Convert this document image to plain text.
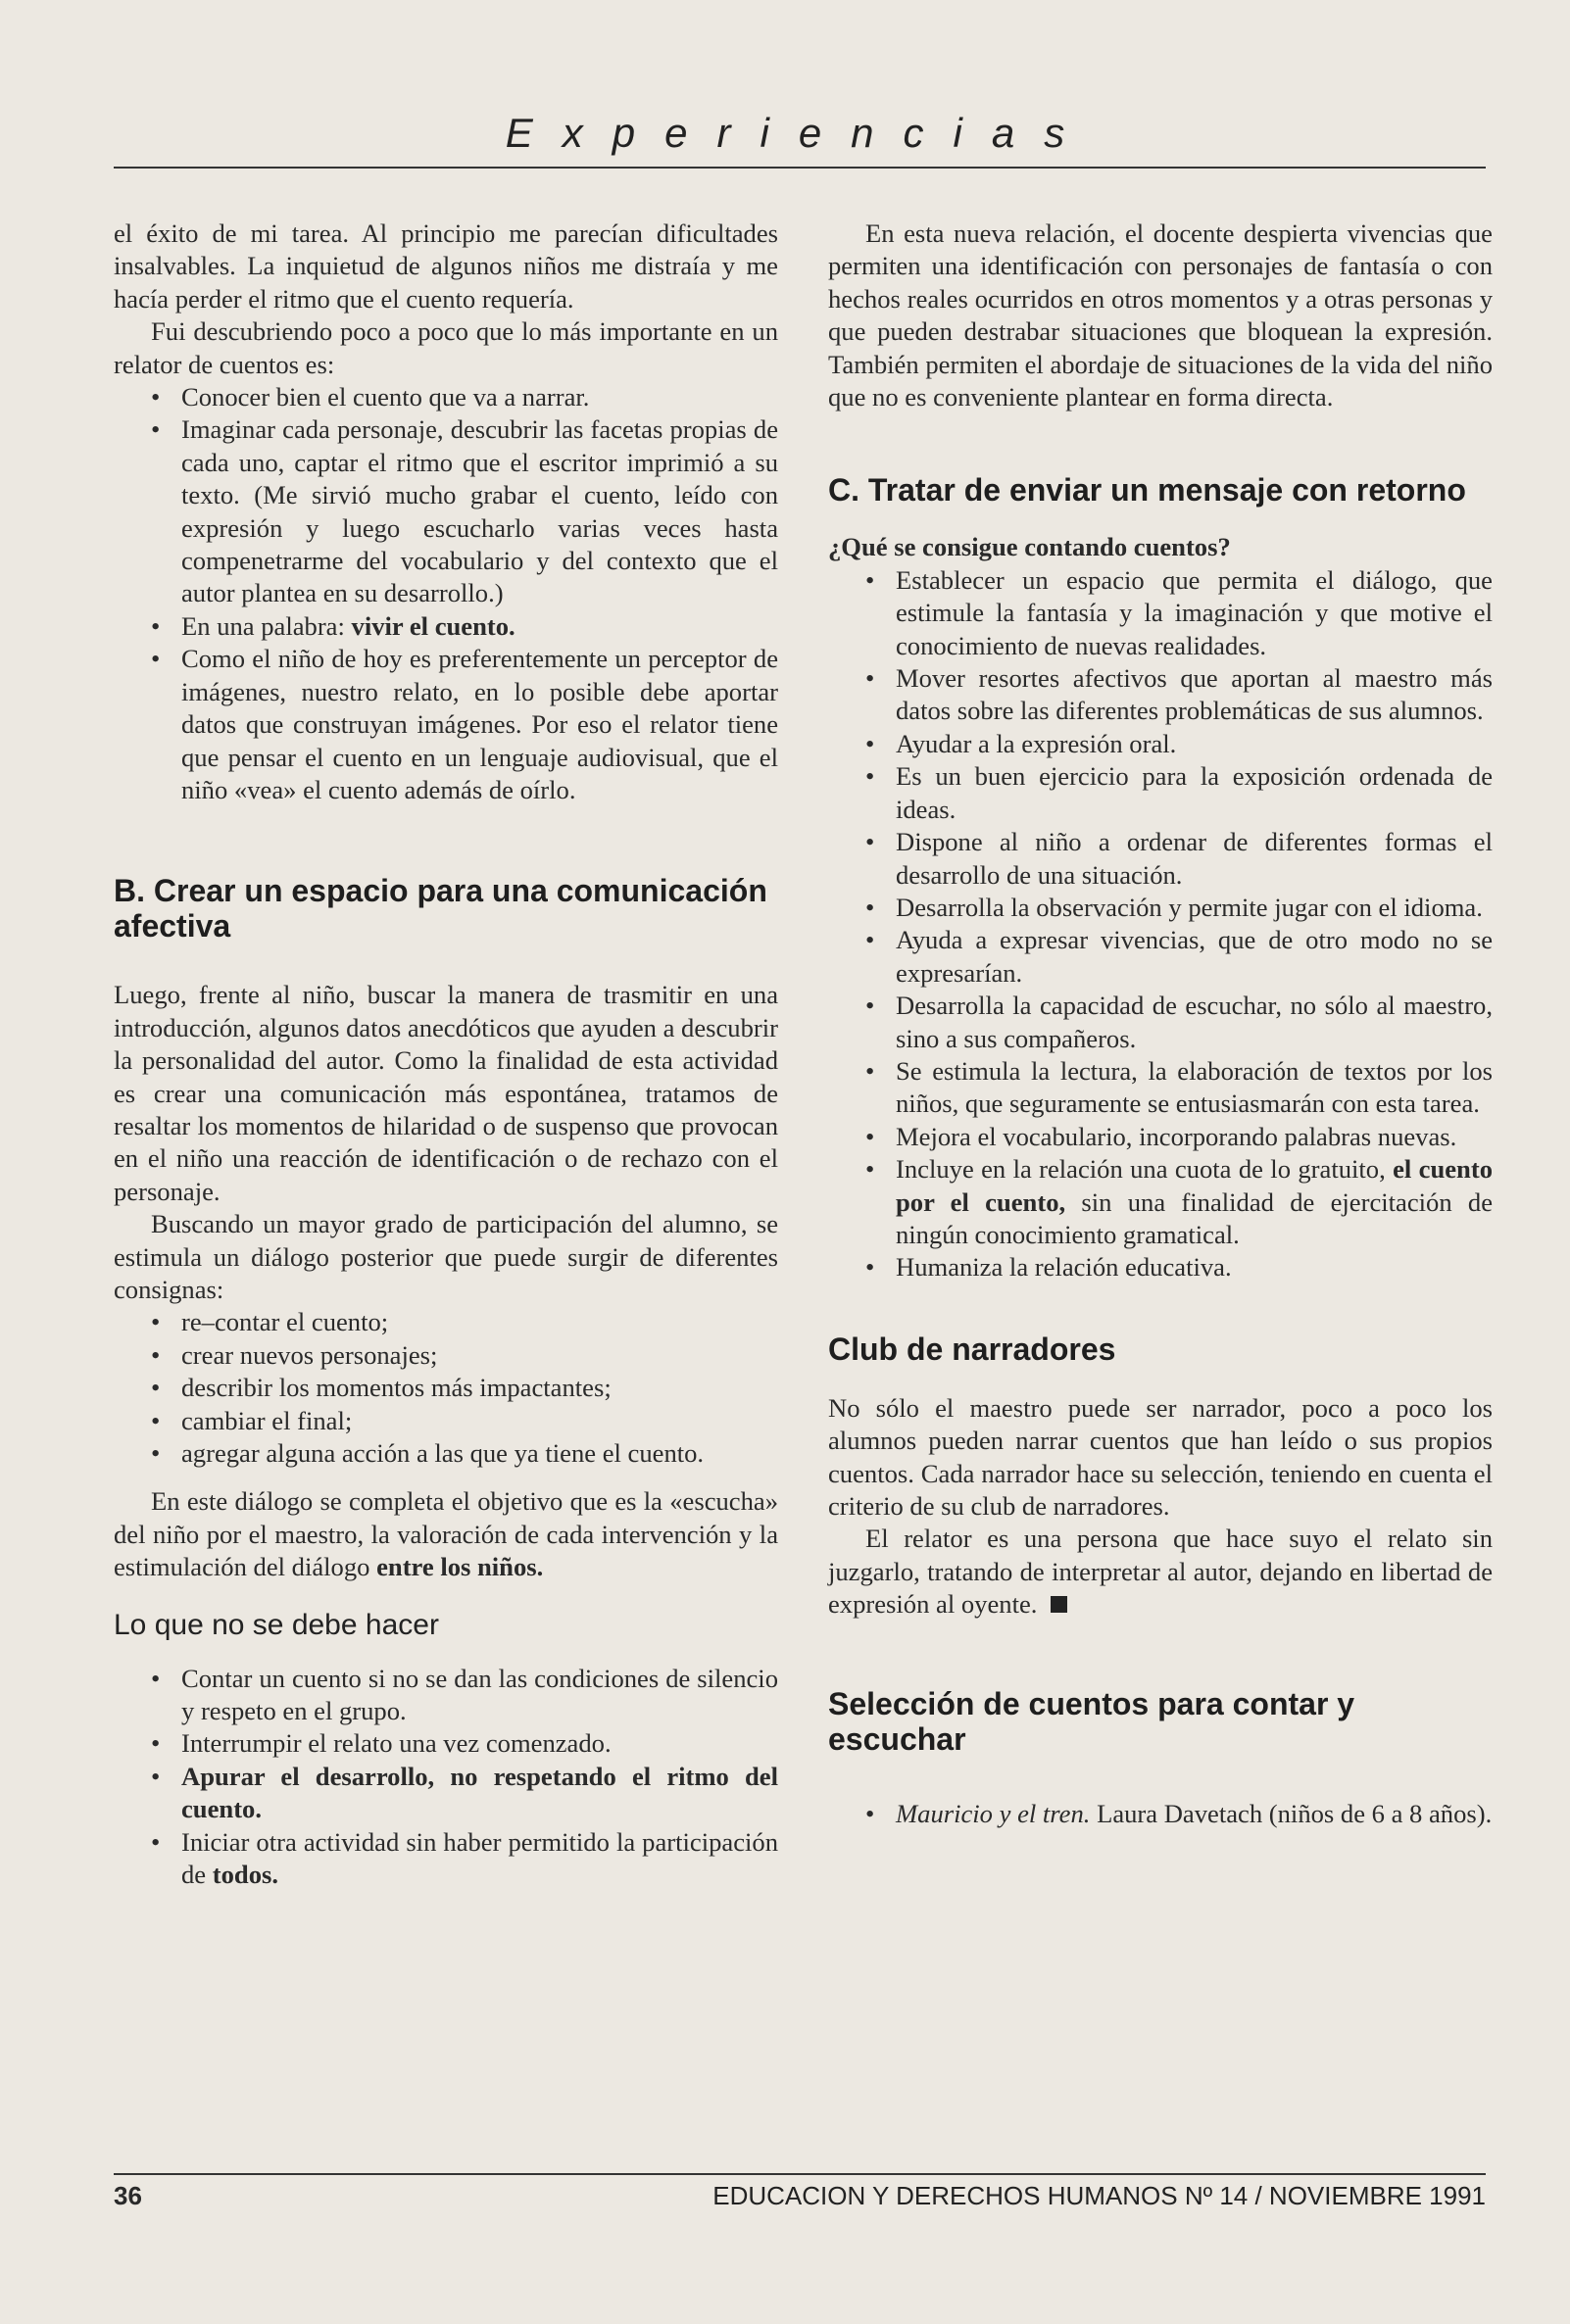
Experiencias

el éxito de mi tarea. Al principio me parecían dificultades insalvables. La inquietud de algunos niños me distraía y me hacía perder el ritmo que el cuento requería.

Fui descubriendo poco a poco que lo más importante en un relator de cuentos es:

• Conocer bien el cuento que va a narrar.
• Imaginar cada personaje, descubrir las facetas propias de cada uno, captar el ritmo que el escritor imprimió a su texto. (Me sirvió mucho grabar el cuento, leído con expresión y luego escucharlo varias veces hasta compenetrarme del vocabulario y del contexto que el autor plantea en su desarrollo.)
• En una palabra: vivir el cuento.
• Como el niño de hoy es preferentemente un perceptor de imágenes, nuestro relato, en lo posible debe aportar datos que construyan imágenes. Por eso el relator tiene que pensar el cuento en un lenguaje audiovisual, que el niño «vea» el cuento además de oírlo.
B. Crear un espacio para una comunicación afectiva

Luego, frente al niño, buscar la manera de trasmitir en una introducción, algunos datos anecdóticos que ayuden a descubrir la personalidad del autor. Como la finalidad de esta actividad es crear una comunicación más espontánea, tratamos de resaltar los momentos de hilaridad o de suspenso que provocan en el niño una reacción de identificación o de rechazo con el personaje.

Buscando un mayor grado de participación del alumno, se estimula un diálogo posterior que puede surgir de diferentes consignas:

• re–contar el cuento;
• crear nuevos personajes;
• describir los momentos más impactantes;
• cambiar el final;
• agregar alguna acción a las que ya tiene el cuento.

En este diálogo se completa el objetivo que es la «escucha» del niño por el maestro, la valoración de cada intervención y la estimulación del diálogo entre los niños.

Lo que no se debe hacer
• Contar un cuento si no se dan las condiciones de silencio y respeto en el grupo.
• Interrumpir el relato una vez comenzado.
• Apurar el desarrollo, no respetando el ritmo del cuento.
• Iniciar otra actividad sin haber permitido la participación de todos.

En esta nueva relación, el docente despierta vivencias que permiten una identificación con personajes de fantasía o con hechos reales ocurridos en otros momentos y a otras personas y que pueden destrabar situaciones que bloquean la expresión. También permiten el abordaje de situaciones de la vida del niño que no es conveniente plantear en forma directa.

C. Tratar de enviar un mensaje con retorno

¿Qué se consigue contando cuentos?

• Establecer un espacio que permita el diálogo, que estimule la fantasía y la imaginación y que motive el conocimiento de nuevas realidades.
• Mover resortes afectivos que aportan al maestro más datos sobre las diferentes problemáticas de sus alumnos.
• Ayudar a la expresión oral.
• Es un buen ejercicio para la exposición ordenada de ideas.
• Dispone al niño a ordenar de diferentes formas el desarrollo de una situación.
• Desarrolla la observación y permite jugar con el idioma.
• Ayuda a expresar vivencias, que de otro modo no se expresarían.
• Desarrolla la capacidad de escuchar, no sólo al maestro, sino a sus compañeros.
• Se estimula la lectura, la elaboración de textos por los niños, que seguramente se entusiasmarán con esta tarea.
• Mejora el vocabulario, incorporando palabras nuevas.
• Incluye en la relación una cuota de lo gratuito, el cuento por el cuento, sin una finalidad de ejercitación de ningún conocimiento gramatical.
• Humaniza la relación educativa.
Club de narradores

No sólo el maestro puede ser narrador, poco a poco los alumnos pueden narrar cuentos que han leído o sus propios cuentos. Cada narrador hace su selección, teniendo en cuenta el criterio de su club de narradores.

El relator es una persona que hace suyo el relato sin juzgarlo, tratando de interpretar al autor, dejando en libertad de expresión al oyente.

Selección de cuentos para contar y escuchar
• Mauricio y el tren. Laura Davetach (niños de 6 a 8 años).
36	EDUCACION Y DERECHOS HUMANOS Nº 14 / NOVIEMBRE 1991
